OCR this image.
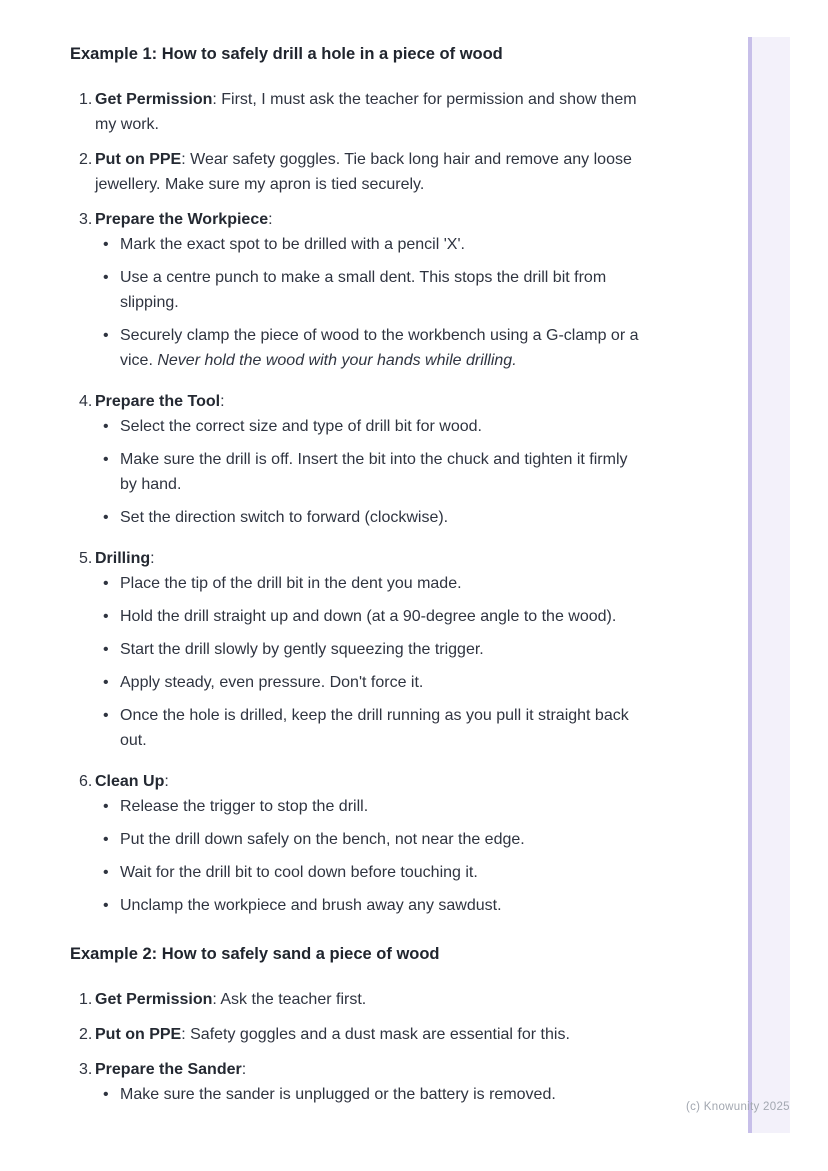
Example 1: How to safely drill a hole in a piece of wood
1. Get Permission: First, I must ask the teacher for permission and show them my work.

2. Put on PPE: Wear safety goggles. Tie back long hair and remove any loose jewellery. Make sure my apron is tied securely.

3. Prepare the Workpiece:

• Mark the exact spot to be drilled with a pencil 'X'.
• Use a centre punch to make a small dent. This stops the drill bit from slipping.
• Securely clamp the piece of wood to the workbench using a G-clamp or a vice. Never hold the wood with your hands while drilling.
4. Prepare the Tool:

• Select the correct size and type of drill bit for wood.
• Make sure the drill is off. Insert the bit into the chuck and tighten it firmly by hand.
• Set the direction switch to forward (clockwise).
5. Drilling:

• Place the tip of the drill bit in the dent you made.
• Hold the drill straight up and down (at a 90-degree angle to the wood).
• Start the drill slowly by gently squeezing the trigger.
• Apply steady, even pressure. Don't force it.
• Once the hole is drilled, keep the drill running as you pull it straight back out.
6. Clean Up:

• Release the trigger to stop the drill.
• Put the drill down safely on the bench, not near the edge.
• Wait for the drill bit to cool down before touching it.
• Unclamp the workpiece and brush away any sawdust.
Example 2: How to safely sand a piece of wood
1. Get Permission: Ask the teacher first.

2. Put on PPE: Safety goggles and a dust mask are essential for this.

3. Prepare the Sander:

• Make sure the sander is unplugged or the battery is removed.
(c) Knowunity 2025
